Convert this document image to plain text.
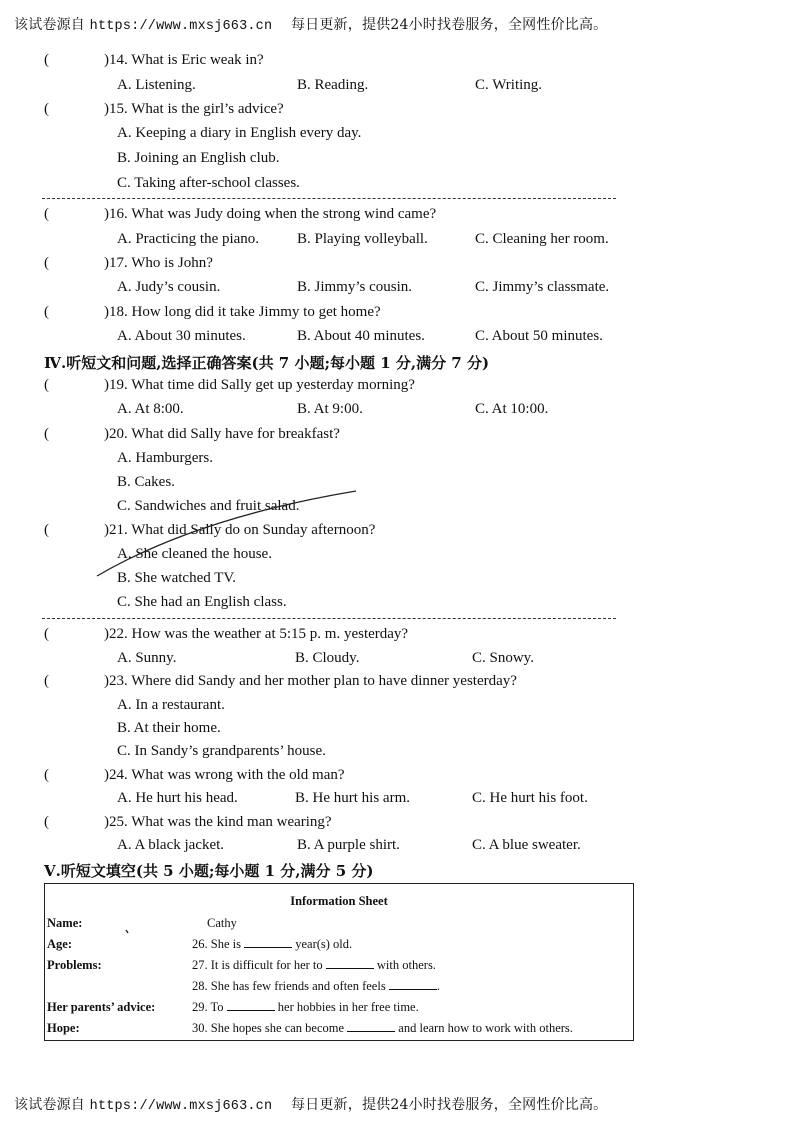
该试卷源自 https://www.mxsj663.cn 每日更新，提供24小时找卷服务，全网性价比高。
(	)14. What is Eric weak in?
A. Listening.	B. Reading.	C. Writing.
(	)15. What is the girl’s advice?
A. Keeping a diary in English every day.
B. Joining an English club.
C. Taking after-school classes.
(	)16. What was Judy doing when the strong wind came?
A. Practicing the piano.	B. Playing volleyball.	C. Cleaning her room.
(	)17. Who is John?
A. Judy’s cousin.	B. Jimmy’s cousin.	C. Jimmy’s classmate.
(	)18. How long did it take Jimmy to get home?
A. About 30 minutes.	B. About 40 minutes.	C. About 50 minutes.
Ⅳ.听短文和问题,选择正确答案(共 7 小题;每小题 1 分,满分 7 分)
(	)19. What time did Sally get up yesterday morning?
A. At 8:00.	B. At 9:00.	C. At 10:00.
(	)20. What did Sally have for breakfast?
A. Hamburgers.
B. Cakes.
C. Sandwiches and fruit salad.
(	)21. What did Sally do on Sunday afternoon?
A. She cleaned the house.
B. She watched TV.
C. She had an English class.
(	)22. How was the weather at 5:15 p. m. yesterday?
A. Sunny.	B. Cloudy.	C. Snowy.
(	)23. Where did Sandy and her mother plan to have dinner yesterday?
A. In a restaurant.
B. At their home.
C. In Sandy’s grandparents’ house.
(	)24. What was wrong with the old man?
A. He hurt his head.	B. He hurt his arm.	C. He hurt his foot.
(	)25. What was the kind man wearing?
A. A black jacket.	B. A purple shirt.	C. A blue sweater.
Ⅴ.听短文填空(共 5 小题;每小题 1 分,满分 5 分)
Information Sheet
Name:	Cathy
Age:	26. She is	year(s) old.
Problems:	27. It is difficult for her to	with others.
28. She has few friends and often feels	.
Her parents’ advice:	29. To	her hobbies in her free time.
Hope:	30. She hopes she can become	and learn how to work with others.
该试卷源自 https://www.mxsj663.cn 每日更新，提供24小时找卷服务，全网性价比高。
